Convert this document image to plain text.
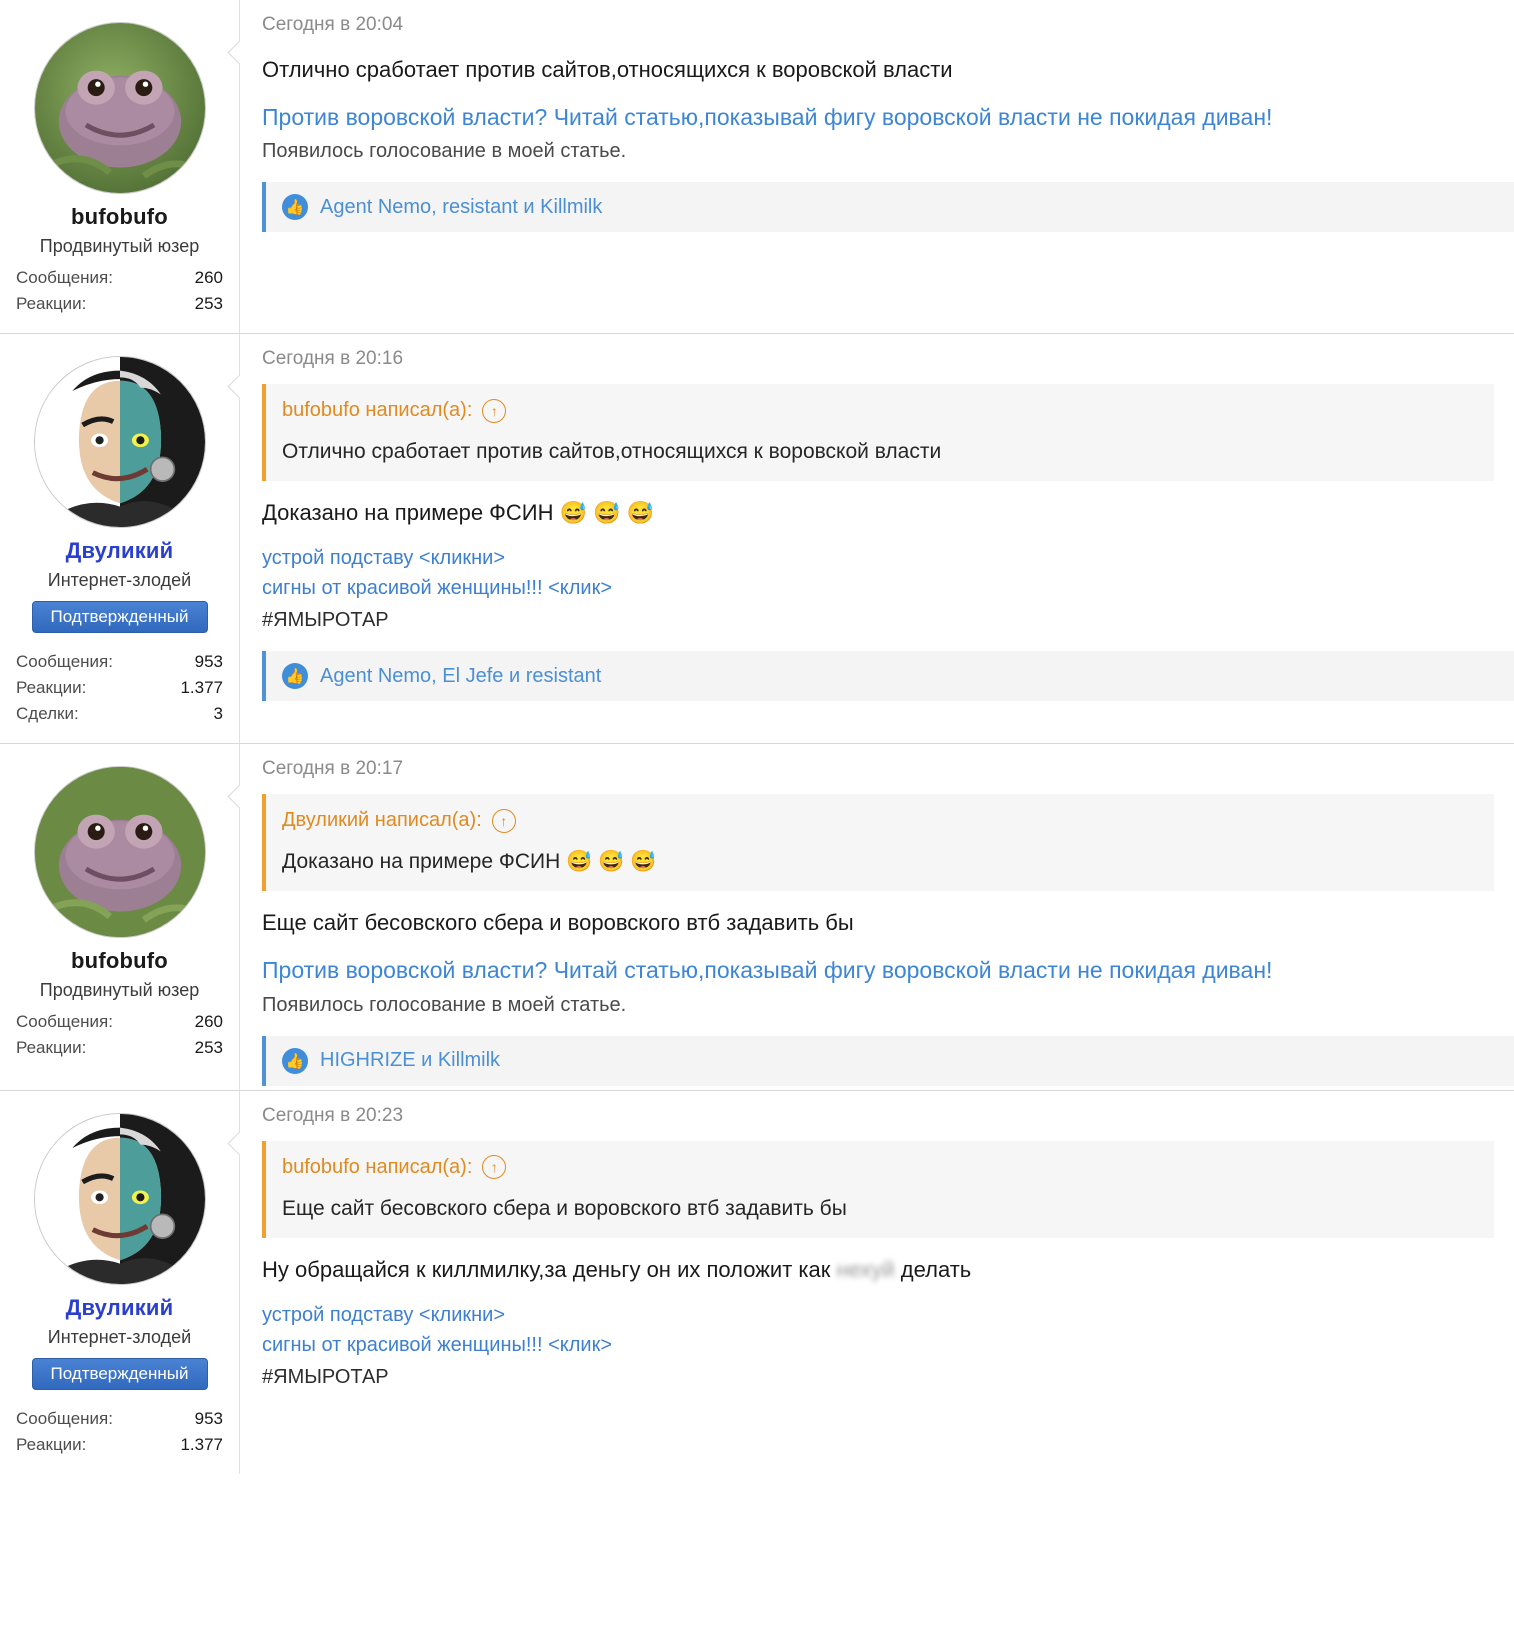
bufobufo
Продвинутый юзер
Сообщения:	260
Реакции:	253
Сегодня в 20:04

Отлично сработает против сайтов,относящихся к воровской власти

Против воровской власти? Читай статью,показывай фигу воровской власти не покидая диван!
Появилось голосование в моей статье.
👍 Agent Nemo, resistant и Killmilk
Двуликий
Интернет-злодей
Подтвержденный
Сообщения:	953
Реакции:	1.377
Сделки:	3
Сегодня в 20:16
bufobufo написал(а):	↑
Отлично сработает против сайтов,относящихся к воровской власти

Доказано на примере ФСИН 😅 😅 😅

устрой подставу <кликни>
сигны от красивой женщины!!! <клик>
#ЯМЫРОТАР
👍 Agent Nemo, El Jefe и resistant
bufobufo
Продвинутый юзер
Сообщения:	260
Реакции:	253
Сегодня в 20:17
Двуликий написал(а):	↑
Доказано на примере ФСИН 😅 😅 😅

Еще сайт бесовского сбера и воровского втб задавить бы

Против воровской власти? Читай статью,показывай фигу воровской власти не покидая диван!
Появилось голосование в моей статье.
👍 HIGHRIZE и Killmilk
Двуликий
Интернет-злодей
Подтвержденный
Сообщения:	953
Реакции:	1.377
Сегодня в 20:23
bufobufo написал(а):	↑
Еще сайт бесовского сбера и воровского втб задавить бы

Ну обращайся к киллмилку,за деньгу он их положит как нехуй делать

устрой подставу <кликни>
сигны от красивой женщины!!! <клик>
#ЯМЫРОТАР
